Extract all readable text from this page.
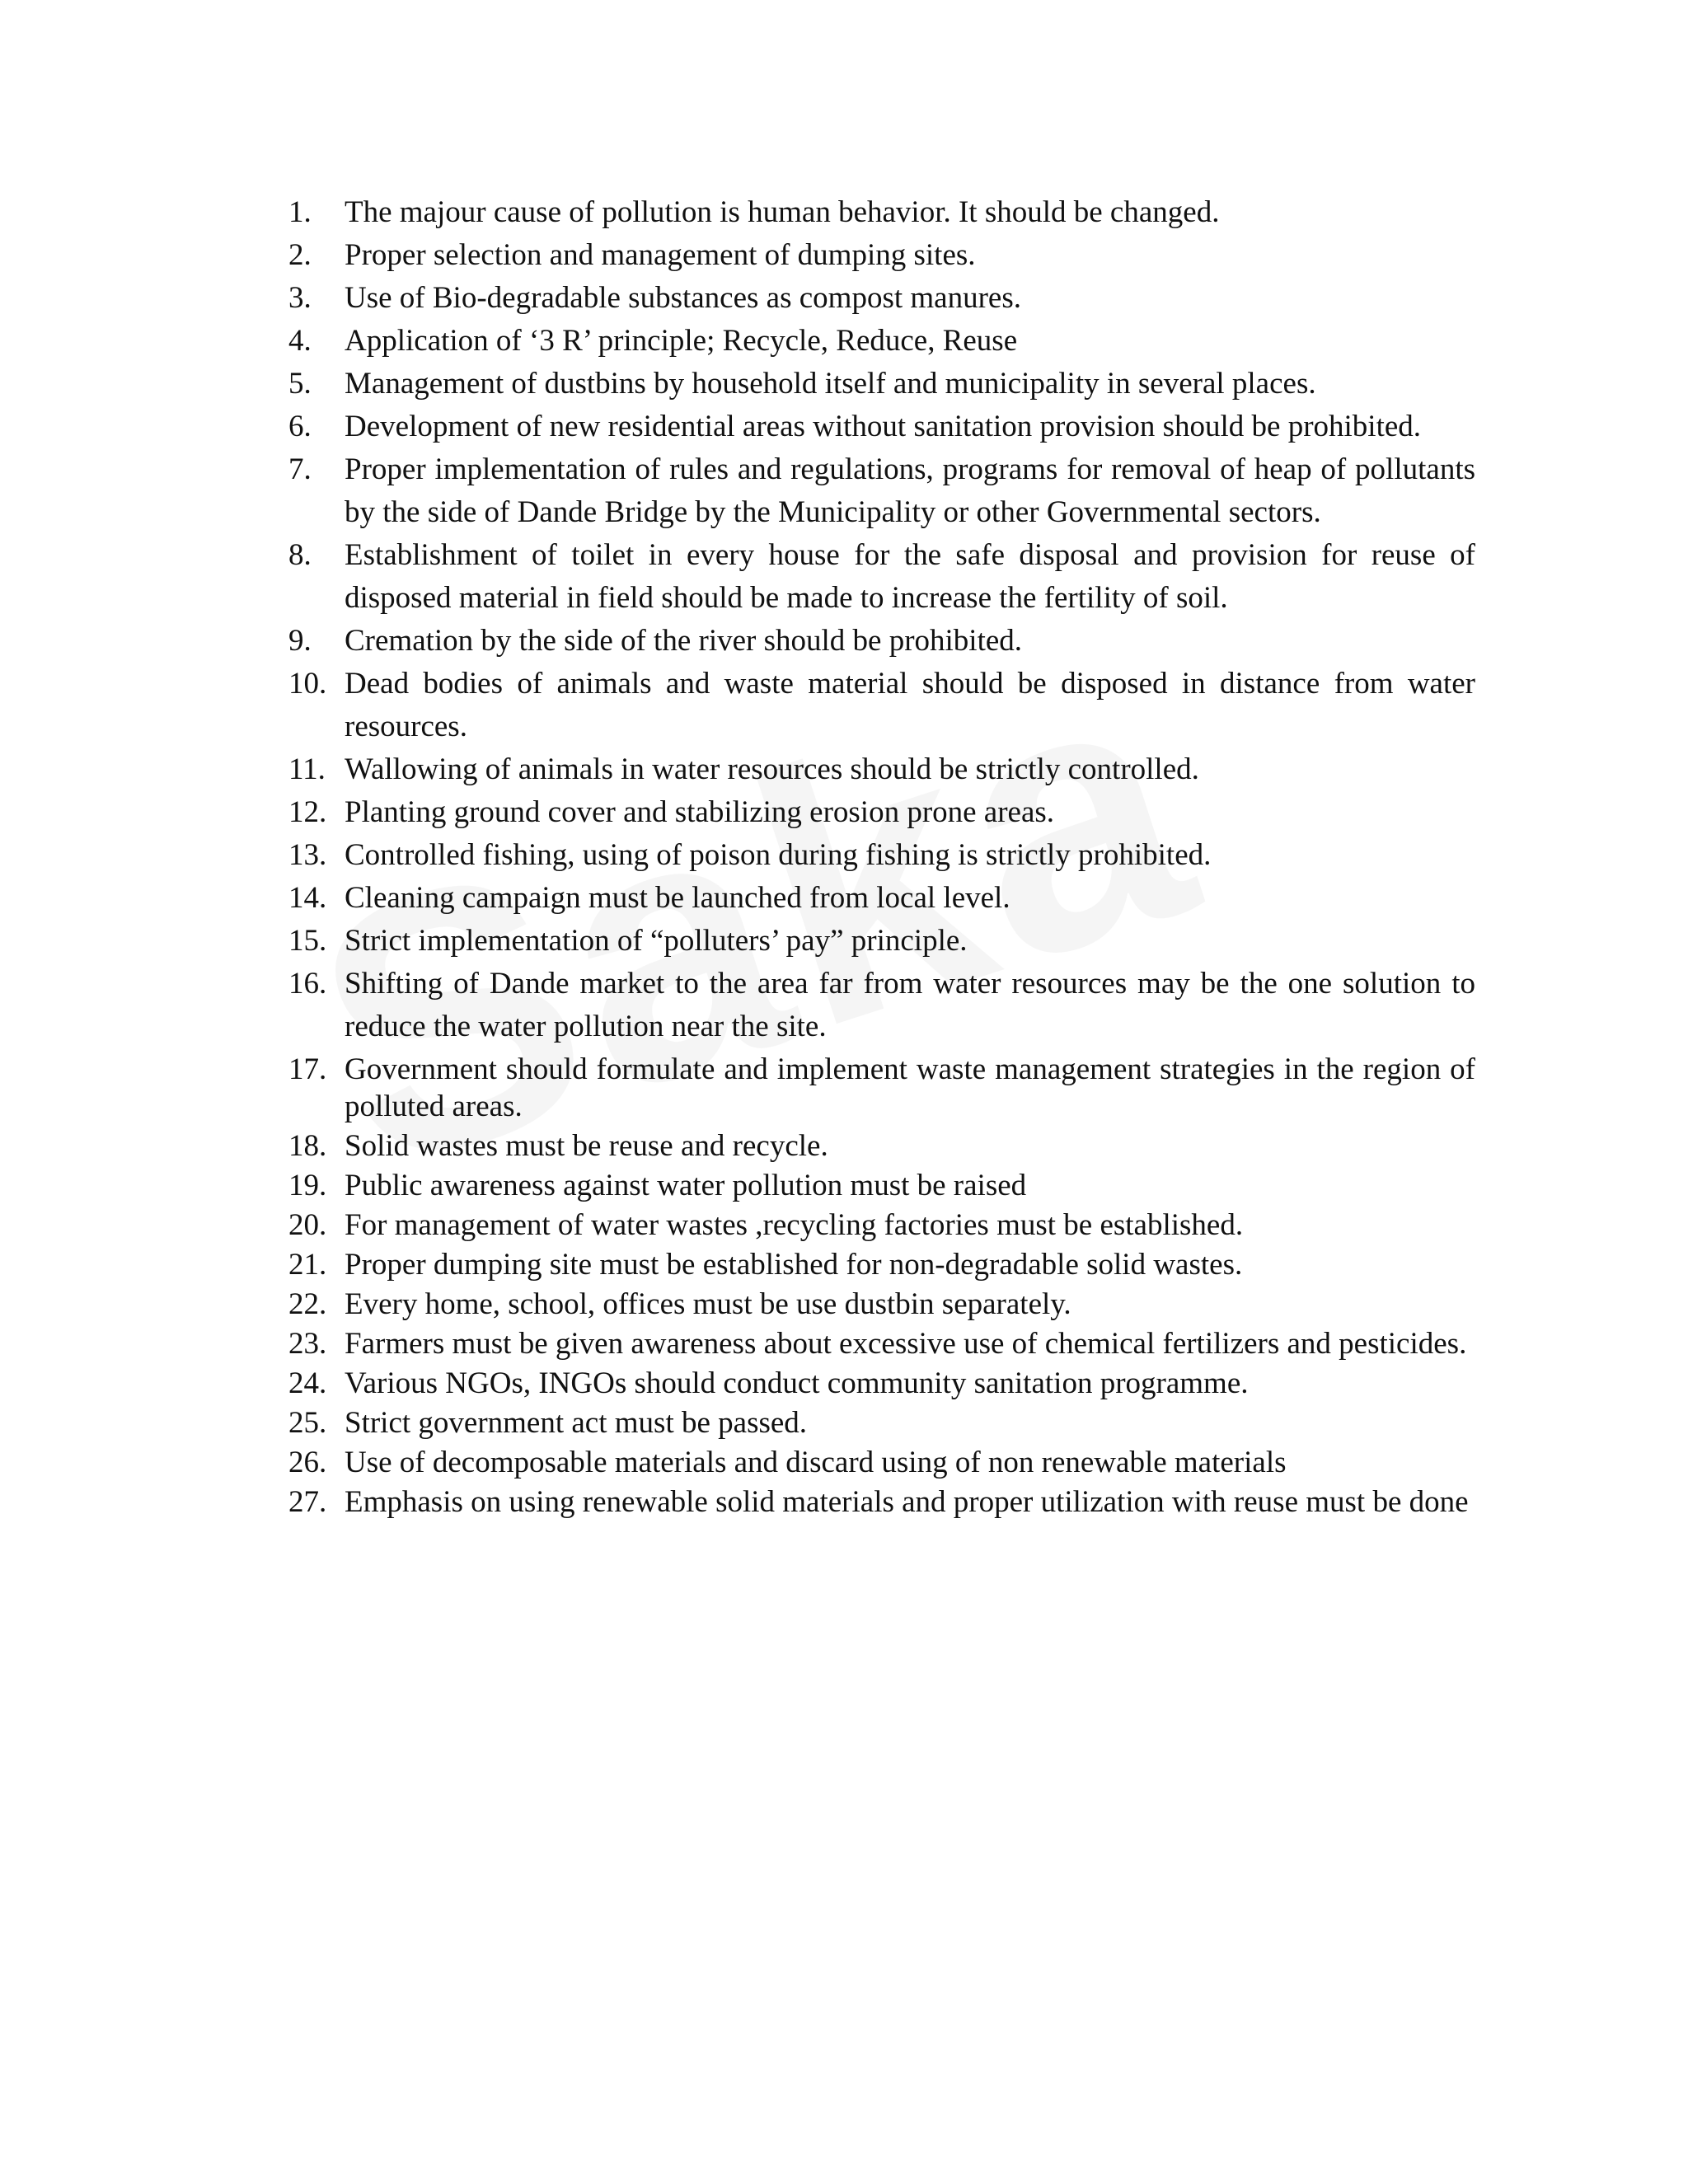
1.	The majour cause of pollution is human behavior. It should be changed.
2.	Proper selection and management of dumping sites.
3.	Use of Bio-degradable substances as compost manures.
4.	Application of ‘3 R’ principle; Recycle, Reduce, Reuse
5.	Management of dustbins by household itself and municipality in several places.
6.	Development of new residential areas without sanitation provision should be prohibited.
7.	Proper implementation of rules and regulations, programs for removal of heap of pollutants by the side of Dande Bridge by the Municipality or other Governmental sectors.
8.	Establishment of toilet in every house for the safe disposal and provision for reuse of disposed material in field should be made to increase the fertility of soil.
9.	Cremation by the side of the river should be prohibited.
10. Dead bodies of animals and waste material should be disposed in distance from water resources.
11. Wallowing of animals in water resources should be strictly controlled.
12. Planting ground cover and stabilizing erosion prone areas.
13. Controlled fishing, using of poison during fishing is strictly prohibited.
14. Cleaning campaign must be launched from local level.
15. Strict implementation of “polluters’ pay” principle.
16. Shifting of Dande market to the area far from water resources may be the one solution to reduce the water pollution near the site.
17. Government should formulate and implement waste management strategies in the region of polluted areas.
18. Solid wastes must be reuse and recycle.
19. Public awareness against water pollution must be raised
20. For management of water wastes ,recycling factories must be established.
21. Proper dumping site must be established for non-degradable solid wastes.
22. Every home, school, offices must be use dustbin separately.
23. Farmers must be given awareness about excessive use of chemical fertilizers and pesticides.
24. Various NGOs, INGOs should conduct community sanitation programme.
25. Strict government act must be passed.
26. Use of decomposable materials and discard using of non renewable materials
27. Emphasis on using renewable solid materials and proper utilization with reuse must be done
